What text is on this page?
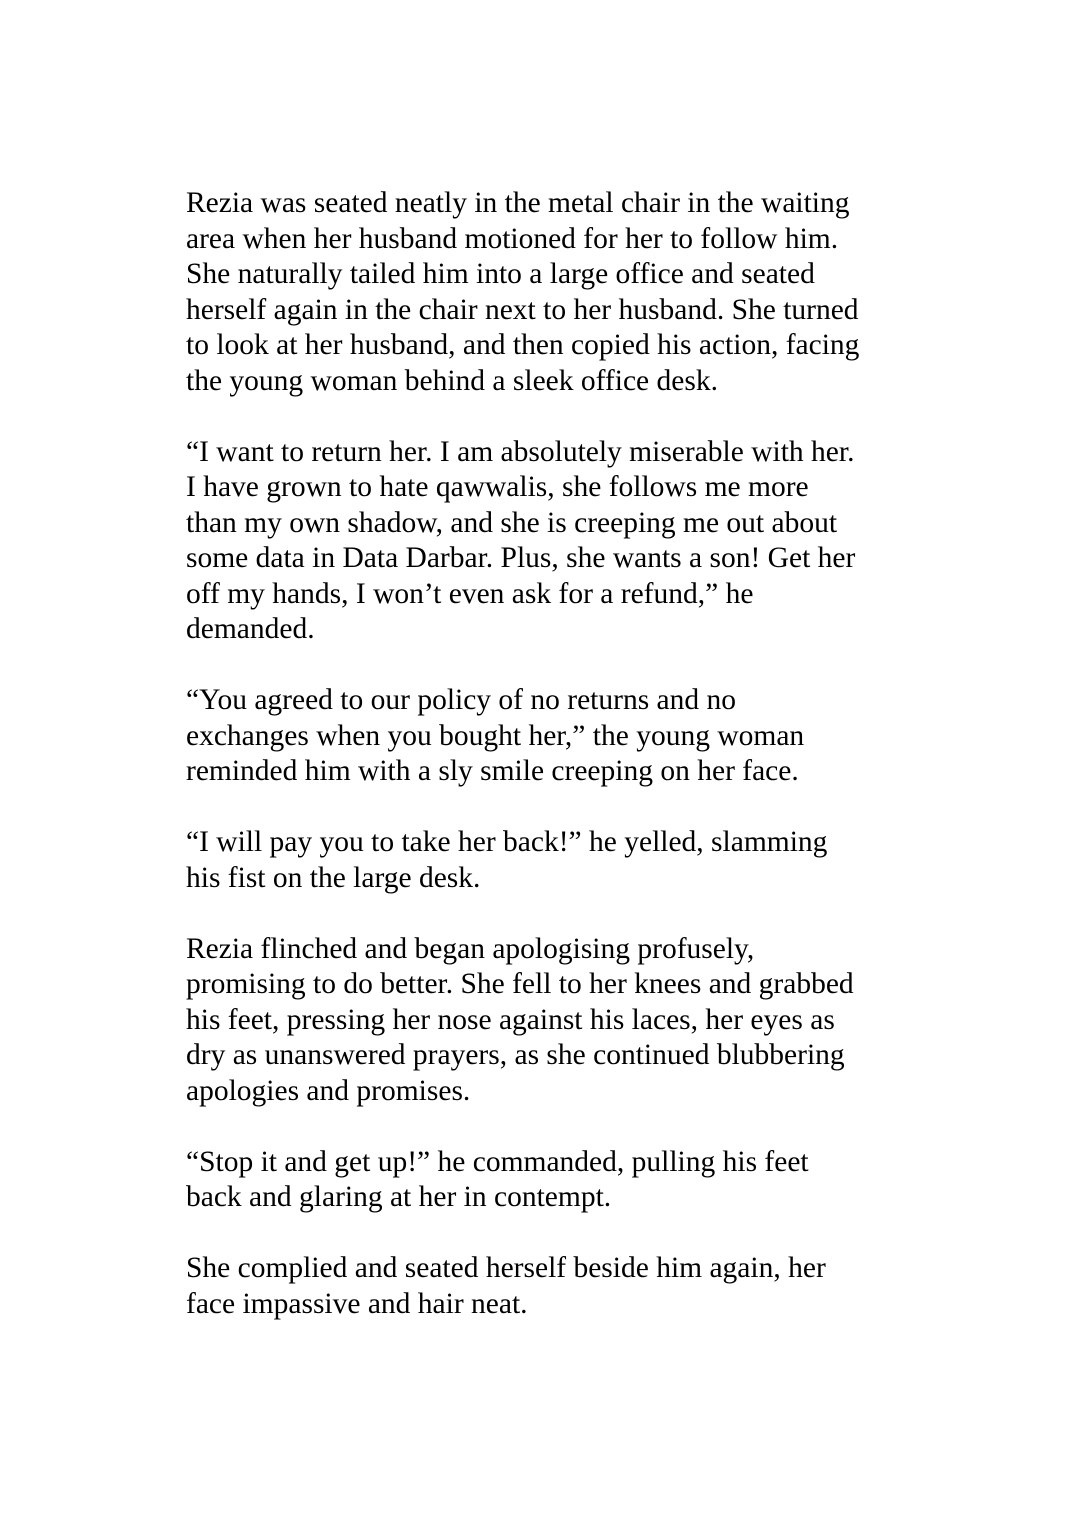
Rezia was seated neatly in the metal chair in the waiting
area when her husband motioned for her to follow him.
She naturally tailed him into a large office and seated
herself again in the chair next to her husband. She turned
to look at her husband, and then copied his action, facing
the young woman behind a sleek office desk.

“I want to return her. I am absolutely miserable with her.
I have grown to hate qawwalis, she follows me more
than my own shadow, and she is creeping me out about
some data in Data Darbar. Plus, she wants a son! Get her
off my hands, I won’t even ask for a refund,” he
demanded.

“You agreed to our policy of no returns and no
exchanges when you bought her,” the young woman
reminded him with a sly smile creeping on her face.

“I will pay you to take her back!” he yelled, slamming
his fist on the large desk.

Rezia flinched and began apologising profusely,
promising to do better. She fell to her knees and grabbed
his feet, pressing her nose against his laces, her eyes as
dry as unanswered prayers, as she continued blubbering
apologies and promises.

“Stop it and get up!” he commanded, pulling his feet
back and glaring at her in contempt.

She complied and seated herself beside him again, her
face impassive and hair neat.
